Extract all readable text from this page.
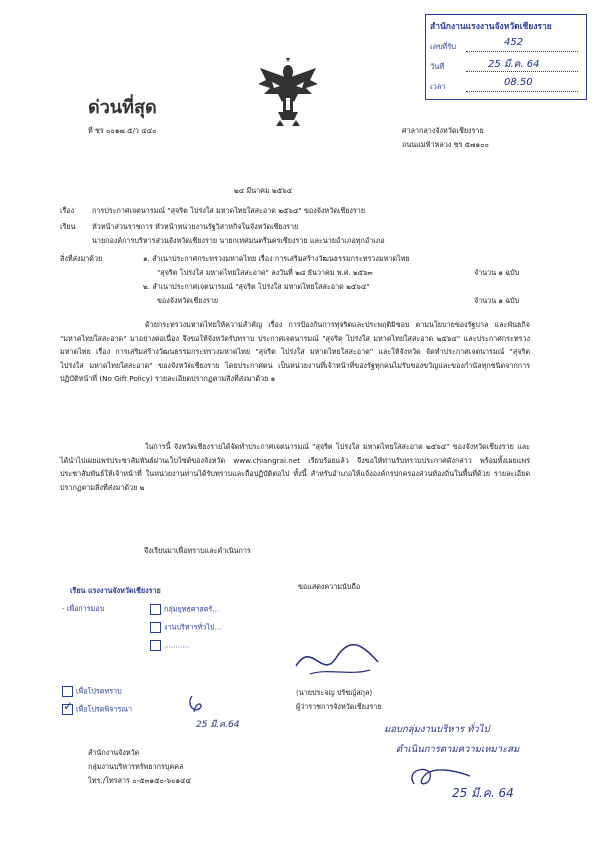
สำนักงานแรงงานจังหวัดเชียงราย
เลขที่รับ	452
วันที่	25 มี.ค. 64
เวลา	08.50
ด่วนที่สุด
ที่ ชร ๐๐๑๗.๕/ว ๔๔๐	ศาลากลางจังหวัดเชียงราย
ถนนแม่ฟ้าหลวง ชร ๕๗๑๐๐
๒๔ มีนาคม ๒๕๖๔
เรื่อง การประกาศเจตนารมณ์ "สุจริต โปร่งใส มหาดไทยใสสะอาด ๒๕๖๔" ของจังหวัดเชียงราย
เรียน หัวหน้าส่วนราชการ หัวหน้าหน่วยงานรัฐวิสาหกิจในจังหวัดเชียงราย
นายกองค์การบริหารส่วนจังหวัดเชียงราย นายกเทศมนตรีนครเชียงราย และนายอำเภอทุกอำเภอ
สิ่งที่ส่งมาด้วย	๑. สำเนาประกาศกระทรวงมหาดไทย เรื่อง การเสริมสร้างวัฒนธรรมกระทรวงมหาดไทย
"สุจริต โปร่งใส มหาดไทยใสสะอาด" ลงวันที่ ๒๘ ธันวาคม พ.ศ. ๒๕๖๓	จำนวน ๑ ฉบับ
๒. สำเนาประกาศเจตนารมณ์ "สุจริต โปร่งใส มหาดไทยใสสะอาด ๒๕๖๔"
ของจังหวัดเชียงราย	จำนวน ๑ ฉบับ
ด้วยกระทรวงมหาดไทยให้ความสำคัญ เรื่อง การป้องกันการทุจริตและประพฤติมิชอบ ตามนโยบายของรัฐบาล และพันธกิจ "มหาดไทยใสสะอาด" มาอย่างต่อเนื่อง จึงขอให้จังหวัดรับทราบ ประกาศเจตนารมณ์ "สุจริต โปร่งใส มหาดไทยใสสะอาด ๒๕๖๔" และประกาศกระทรวงมหาดไทย เรื่อง การเสริมสร้างวัฒนธรรมกระทรวงมหาดไทย "สุจริต โปร่งใส มหาดไทยใสสะอาด" และให้จังหวัด จัดทำประกาศเจตนารมณ์ "สุจริต โปร่งใส มหาดไทยใสสะอาด" ของจังหวัดเชียงราย โดยประกาศตน เป็นหน่วยงานที่เจ้าหน้าที่ของรัฐทุกคนไม่รับของขวัญและของกำนัลทุกชนิดจากการปฏิบัติหน้าที่ (No Gift Policy) รายละเอียดปรากฏตามสิ่งที่ส่งมาด้วย ๑
ในการนี้ จังหวัดเชียงรายได้จัดทำประกาศเจตนารมณ์ "สุจริต โปร่งใส มหาดไทยใสสะอาด ๒๕๖๔" ของจังหวัดเชียงราย และได้นำไปเผยแพร่ประชาสัมพันธ์ผ่านเว็บไซต์ของจังหวัด www.chiangrai.net เรียบร้อยแล้ว จึงขอให้ท่านรับทราบประกาศดังกล่าว พร้อมทั้งเผยแพร่ประชาสัมพันธ์ให้เจ้าหน้าที่ ในหน่วยงานท่านได้รับทราบและถือปฏิบัติต่อไป ทั้งนี้ สำหรับอำเภอให้แจ้งองค์กรปกครองส่วนท้องถิ่นในพื้นที่ด้วย รายละเอียดปรากฏตามสิ่งที่ส่งมาด้วย ๒
จึงเรียนมาเพื่อทราบและดำเนินการ
ขอแสดงความนับถือ
(นายประจญ ปรัชญ์สกุล)
ผู้ว่าราชการจังหวัดเชียงราย
เรียน แรงงานจังหวัดเชียงราย
- เพื่อการมอบ	กลุ่มยุทธศาสตร์...
งานบริหารทั่วไป...
...........
เพื่อโปรดทราบ
✓ เพื่อโปรดพิจารณา
25 มี.ค.64
สำนักงานจังหวัด
กลุ่มงานบริหารทรัพยากรบุคคล
โทร./โทรสาร ๐-๕๓๑๕๐-๖๐๑๔๔
มอบกลุ่มงานบริหาร ทั่วไป
ดำเนินการตามความเหมาะสม
25 มี.ค. 64
